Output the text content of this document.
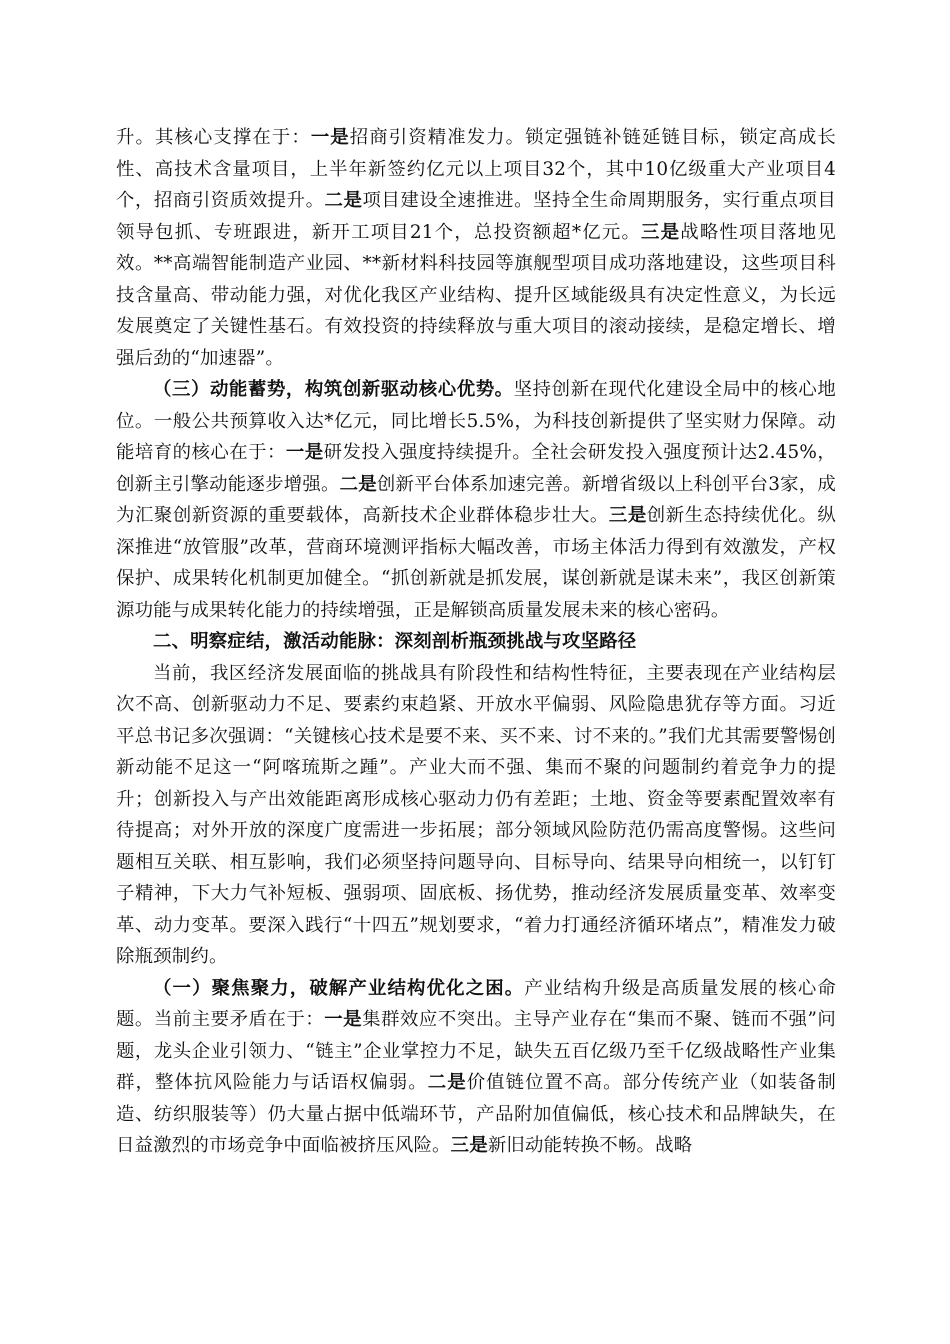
升。其核心支撑在于：一是招商引资精准发力。锁定强链补链延链目标，锁定高成长性、高技术含量项目，上半年新签约亿元以上项目32个，其中10亿级重大产业项目4个，招商引资质效提升。二是项目建设全速推进。坚持全生命周期服务，实行重点项目领导包抓、专班跟进，新开工项目21个，总投资额超*亿元。三是战略性项目落地见效。**高端智能制造产业园、**新材料科技园等旗舰型项目成功落地建设，这些项目科技含量高、带动能力强，对优化我区产业结构、提升区域能级具有决定性意义，为长远发展奠定了关键性基石。有效投资的持续释放与重大项目的滚动接续，是稳定增长、增强后劲的“加速器”。

（三）动能蓄势，构筑创新驱动核心优势。坚持创新在现代化建设全局中的核心地位。一般公共预算收入达*亿元，同比增长5.5%，为科技创新提供了坚实财力保障。动能培育的核心在于：一是研发投入强度持续提升。全社会研发投入强度预计达2.45%，创新主引擎动能逐步增强。二是创新平台体系加速完善。新增省级以上科创平台3家，成为汇聚创新资源的重要载体，高新技术企业群体稳步壮大。三是创新生态持续优化。纵深推进“放管服”改革，营商环境测评指标大幅改善，市场主体活力得到有效激发，产权保护、成果转化机制更加健全。“抓创新就是抓发展，谋创新就是谋未来”，我区创新策源功能与成果转化能力的持续增强，正是解锁高质量发展未来的核心密码。

二、明察症结，激活动能脉：深刻剖析瓶颈挑战与攻坚路径

当前，我区经济发展面临的挑战具有阶段性和结构性特征，主要表现在产业结构层次不高、创新驱动力不足、要素约束趋紧、开放水平偏弱、风险隐患犹存等方面。习近平总书记多次强调：“关键核心技术是要不来、买不来、讨不来的。”我们尤其需要警惕创新动能不足这一“阿喀琉斯之踵”。产业大而不强、集而不聚的问题制约着竞争力的提升；创新投入与产出效能距离形成核心驱动力仍有差距；土地、资金等要素配置效率有待提高；对外开放的深度广度需进一步拓展；部分领域风险防范仍需高度警惕。这些问题相互关联、相互影响，我们必须坚持问题导向、目标导向、结果导向相统一，以钉钉子精神，下大力气补短板、强弱项、固底板、扬优势，推动经济发展质量变革、效率变革、动力变革。要深入践行“十四五”规划要求，“着力打通经济循环堵点”，精准发力破除瓶颈制约。

（一）聚焦聚力，破解产业结构优化之困。产业结构升级是高质量发展的核心命题。当前主要矛盾在于：一是集群效应不突出。主导产业存在“集而不聚、链而不强”问题，龙头企业引领力、“链主”企业掌控力不足，缺失五百亿级乃至千亿级战略性产业集群，整体抗风险能力与话语权偏弱。二是价值链位置不高。部分传统产业（如装备制造、纺织服装等）仍大量占据中低端环节，产品附加值偏低，核心技术和品牌缺失，在日益激烈的市场竞争中面临被挤压风险。三是新旧动能转换不畅。战略
